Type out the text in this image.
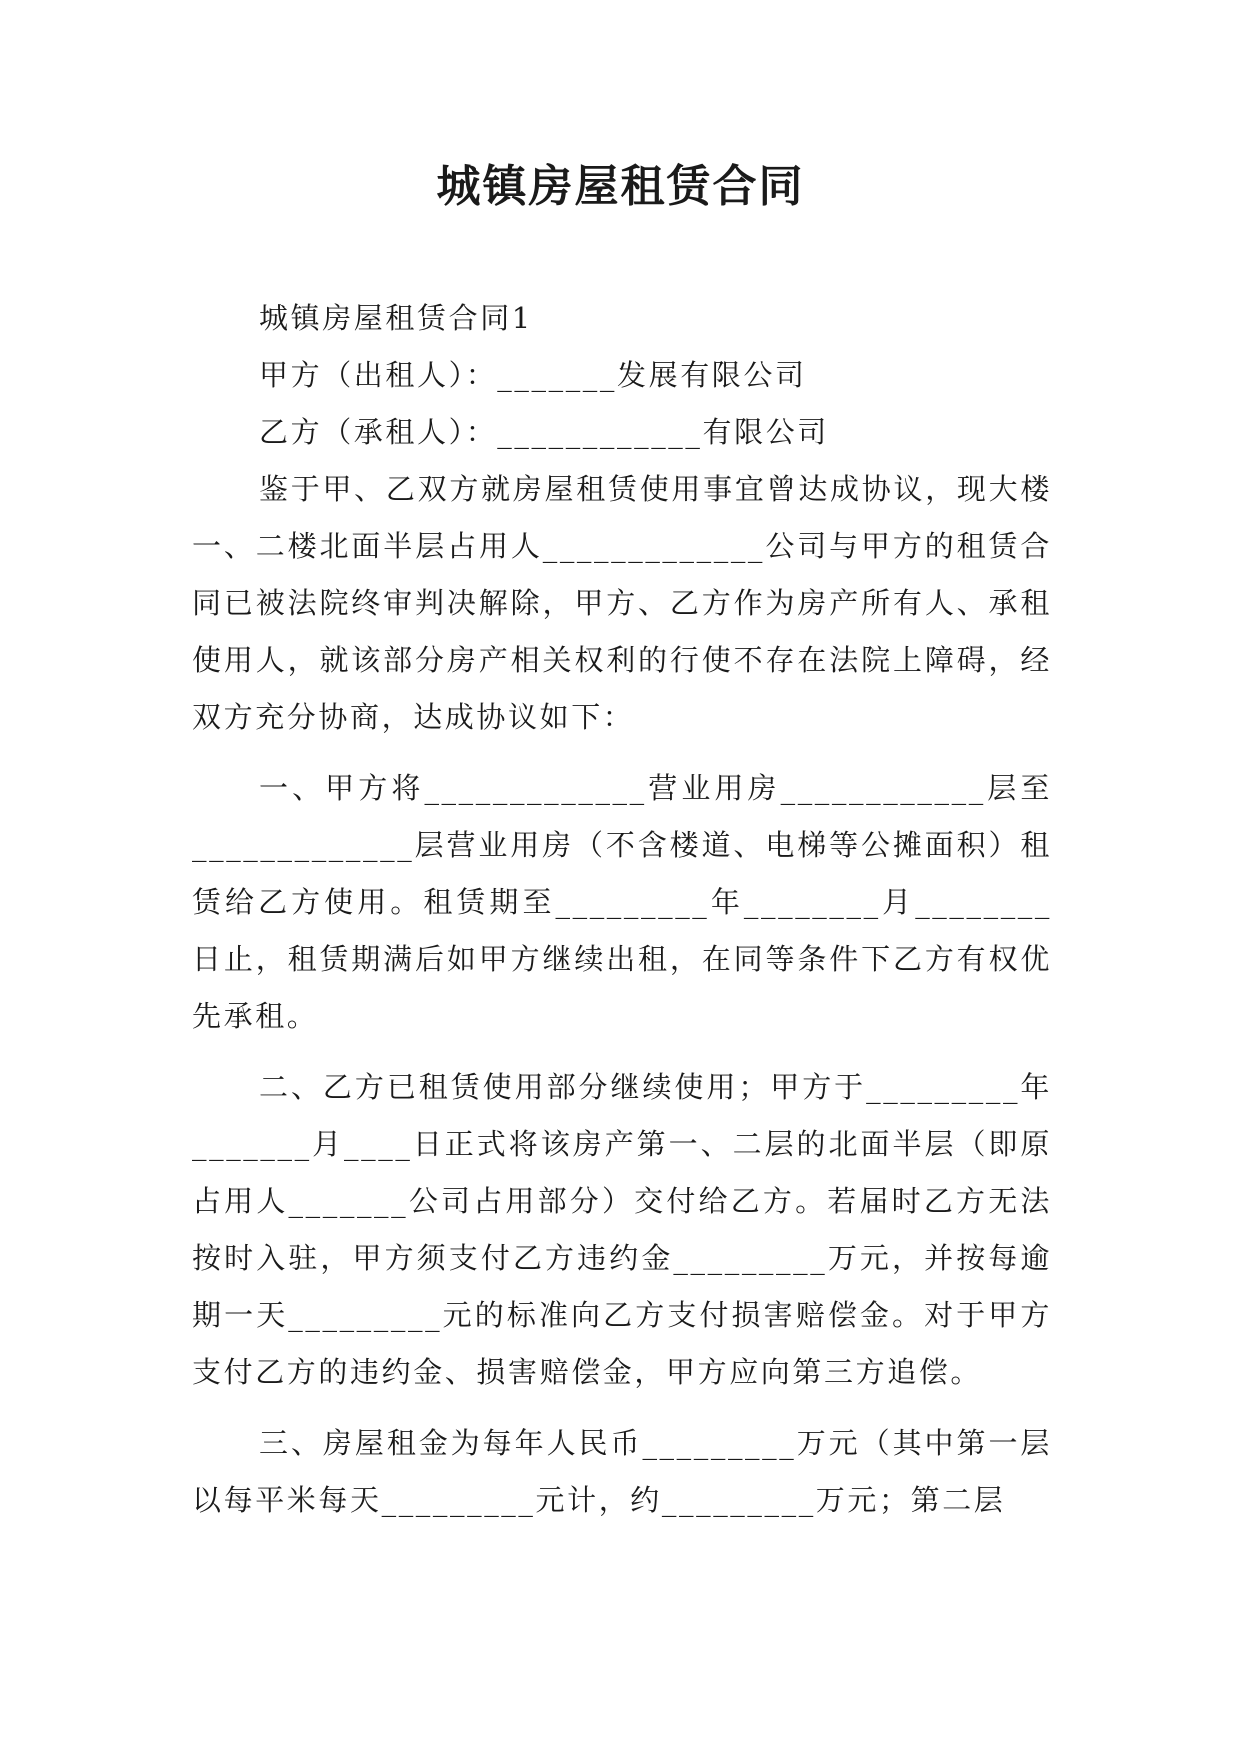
城镇房屋租赁合同

城镇房屋租赁合同1

甲方（出租人）：_______发展有限公司

乙方（承租人）：____________有限公司

鉴于甲、乙双方就房屋租赁使用事宜曾达成协议，现大楼一、二楼北面半层占用人_____________公司与甲方的租赁合同已被法院终审判决解除，甲方、乙方作为房产所有人、承租使用人，就该部分房产相关权利的行使不存在法院上障碍，经双方充分协商，达成协议如下：

一、甲方将_____________营业用房____________层至_____________层营业用房（不含楼道、电梯等公摊面积）租赁给乙方使用。租赁期至_________年________月________日止，租赁期满后如甲方继续出租，在同等条件下乙方有权优先承租。

二、乙方已租赁使用部分继续使用；甲方于_________年_______月____日正式将该房产第一、二层的北面半层（即原占用人_______公司占用部分）交付给乙方。若届时乙方无法按时入驻，甲方须支付乙方违约金_________万元，并按每逾期一天_________元的标准向乙方支付损害赔偿金。对于甲方支付乙方的违约金、损害赔偿金，甲方应向第三方追偿。

三、房屋租金为每年人民币_________万元（其中第一层以每平米每天_________元计，约_________万元；第二层
